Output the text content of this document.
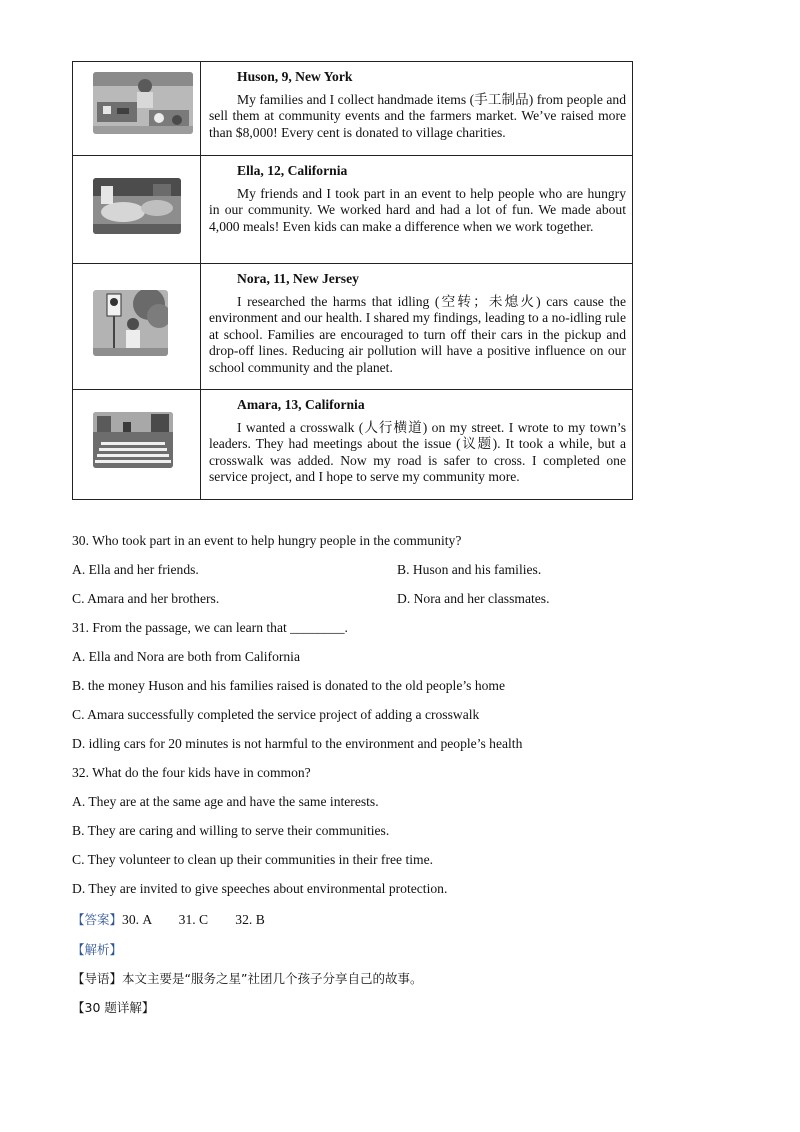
Huson, 9, New York
My families and I collect handmade items (手工制品) from people and sell them at community events and the farmers market. We’ve raised more than $8,000! Every cent is donated to village charities.

Ella, 12, California
My friends and I took part in an event to help people who are hungry in our community. We worked hard and had a lot of fun. We made about 4,000 meals! Even kids can make a difference when we work together.

Nora, 11, New Jersey
I researched the harms that idling (空转；未熄火) cars cause the environment and our health. I shared my findings, leading to a no-idling rule at school. Families are encouraged to turn off their cars in the pickup and drop-off lines. Reducing air pollution will have a positive influence on our school community and the planet.

Amara, 13, California
I wanted a crosswalk (人行横道) on my street. I wrote to my town’s leaders. They had meetings about the issue (议题). It took a while, but a crosswalk was added. Now my road is safer to cross. I completed one service project, and I hope to serve my community more.
30. Who took part in an event to help hungry people in the community?
A. Ella and her friends.	B. Huson and his families.
C. Amara and her brothers.	D. Nora and her classmates.
31. From the passage, we can learn that ________.
A. Ella and Nora are both from California
B. the money Huson and his families raised is donated to the old people’s home
C. Amara successfully completed the service project of adding a crosswalk
D. idling cars for 20 minutes is not harmful to the environment and people’s health
32. What do the four kids have in common?
A. They are at the same age and have the same interests.
B. They are caring and willing to serve their communities.
C. They volunteer to clean up their communities in their free time.
D. They are invited to give speeches about environmental protection.
【答案】30. A        31. C        32. B
【解析】
【导语】本文主要是“服务之星”社团几个孩子分享自己的故事。
【30 题详解】
